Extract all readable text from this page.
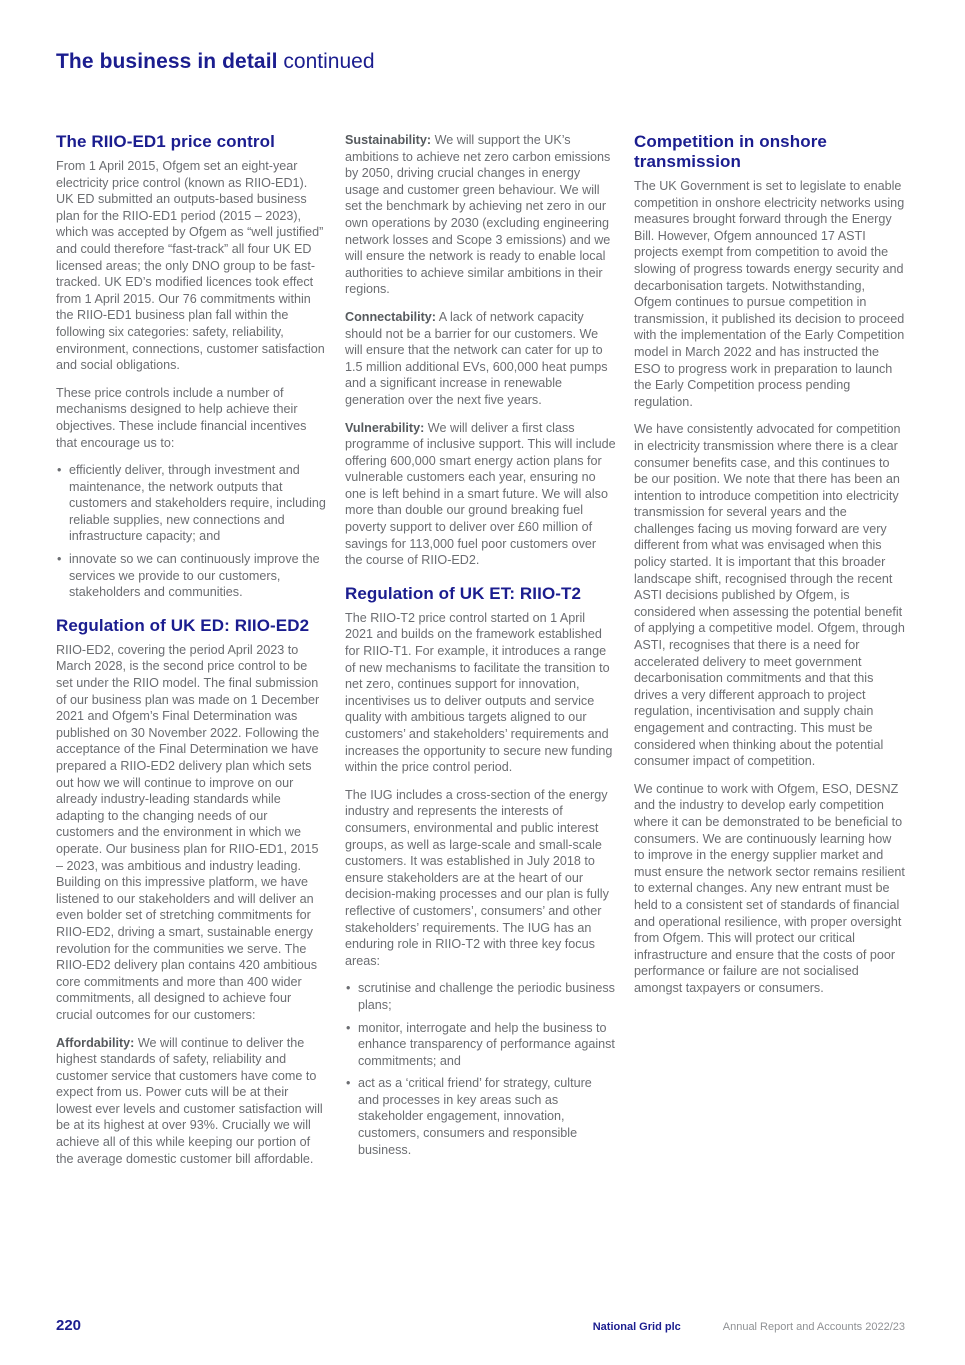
The business in detail continued
The RIIO-ED1 price control

From 1 April 2015, Ofgem set an eight-year electricity price control (known as RIIO-ED1). UK ED submitted an outputs-based business plan for the RIIO-ED1 period (2015 – 2023), which was accepted by Ofgem as “well justified” and could therefore “fast-track” all four UK ED licensed areas; the only DNO group to be fast-tracked. UK ED’s modified licences took effect from 1 April 2015. Our 76 commitments within the RIIO-ED1 business plan fall within the following six categories: safety, reliability, environment, connections, customer satisfaction and social obligations.

These price controls include a number of mechanisms designed to help achieve their objectives. These include financial incentives that encourage us to:

• efficiently deliver, through investment and maintenance, the network outputs that customers and stakeholders require, including reliable supplies, new connections and infrastructure capacity; and
• innovate so we can continuously improve the services we provide to our customers, stakeholders and communities.
Regulation of UK ED: RIIO-ED2

RIIO-ED2, covering the period April 2023 to March 2028, is the second price control to be set under the RIIO model. The final submission of our business plan was made on 1 December 2021 and Ofgem’s Final Determination was published on 30 November 2022. Following the acceptance of the Final Determination we have prepared a RIIO-ED2 delivery plan which sets out how we will continue to improve on our already industry-leading standards while adapting to the changing needs of our customers and the environment in which we operate. Our business plan for RIIO-ED1, 2015 – 2023, was ambitious and industry leading. Building on this impressive platform, we have listened to our stakeholders and will deliver an even bolder set of stretching commitments for RIIO-ED2, driving a smart, sustainable energy revolution for the communities we serve. The RIIO-ED2 delivery plan contains 420 ambitious core commitments and more than 400 wider commitments, all designed to achieve four crucial outcomes for our customers:

Affordability: We will continue to deliver the highest standards of safety, reliability and customer service that customers have come to expect from us. Power cuts will be at their lowest ever levels and customer satisfaction will be at its highest at over 93%. Crucially we will achieve all of this while keeping our portion of the average domestic customer bill affordable.

Sustainability: We will support the UK’s ambitions to achieve net zero carbon emissions by 2050, driving crucial changes in energy usage and customer green behaviour. We will set the benchmark by achieving net zero in our own operations by 2030 (excluding engineering network losses and Scope 3 emissions) and we will ensure the network is ready to enable local authorities to achieve similar ambitions in their regions.

Connectability: A lack of network capacity should not be a barrier for our customers. We will ensure that the network can cater for up to 1.5 million additional EVs, 600,000 heat pumps and a significant increase in renewable generation over the next five years.

Vulnerability: We will deliver a first class programme of inclusive support. This will include offering 600,000 smart energy action plans for vulnerable customers each year, ensuring no one is left behind in a smart future. We will also more than double our ground breaking fuel poverty support to deliver over £60 million of savings for 113,000 fuel poor customers over the course of RIIO-ED2.

Regulation of UK ET: RIIO-T2

The RIIO-T2 price control started on 1 April 2021 and builds on the framework established for RIIO-T1. For example, it introduces a range of new mechanisms to facilitate the transition to net zero, continues support for innovation, incentivises us to deliver outputs and service quality with ambitious targets aligned to our customers’ and stakeholders’ requirements and increases the opportunity to secure new funding within the price control period.

The IUG includes a cross-section of the energy industry and represents the interests of consumers, environmental and public interest groups, as well as large-scale and small-scale customers. It was established in July 2018 to ensure stakeholders are at the heart of our decision-making processes and our plan is fully reflective of customers’, consumers’ and other stakeholders’ requirements. The IUG has an enduring role in RIIO-T2 with three key focus areas:

• scrutinise and challenge the periodic business plans;
• monitor, interrogate and help the business to enhance transparency of performance against commitments; and
• act as a ‘critical friend’ for strategy, culture and processes in key areas such as stakeholder engagement, innovation, customers, consumers and responsible business.
Competition in onshore transmission

The UK Government is set to legislate to enable competition in onshore electricity networks using measures brought forward through the Energy Bill. However, Ofgem announced 17 ASTI projects exempt from competition to avoid the slowing of progress towards energy security and decarbonisation targets. Notwithstanding, Ofgem continues to pursue competition in transmission, it published its decision to proceed with the implementation of the Early Competition model in March 2022 and has instructed the ESO to progress work in preparation to launch the Early Competition process pending regulation.

We have consistently advocated for competition in electricity transmission where there is a clear consumer benefits case, and this continues to be our position. We note that there has been an intention to introduce competition into electricity transmission for several years and the challenges facing us moving forward are very different from what was envisaged when this policy started. It is important that this broader landscape shift, recognised through the recent ASTI decisions published by Ofgem, is considered when assessing the potential benefit of applying a competitive model. Ofgem, through ASTI, recognises that there is a need for accelerated delivery to meet government decarbonisation commitments and that this drives a very different approach to project regulation, incentivisation and supply chain engagement and contracting. This must be considered when thinking about the potential consumer impact of competition.

We continue to work with Ofgem, ESO, DESNZ and the industry to develop early competition where it can be demonstrated to be beneficial to consumers. We are continuously learning how to improve in the energy supplier market and must ensure the network sector remains resilient to external changes. Any new entrant must be held to a consistent set of standards of financial and operational resilience, with proper oversight from Ofgem. This will protect our critical infrastructure and ensure that the costs of poor performance or failure are not socialised amongst taxpayers or consumers.

220	National Grid plc	Annual Report and Accounts 2022/23
